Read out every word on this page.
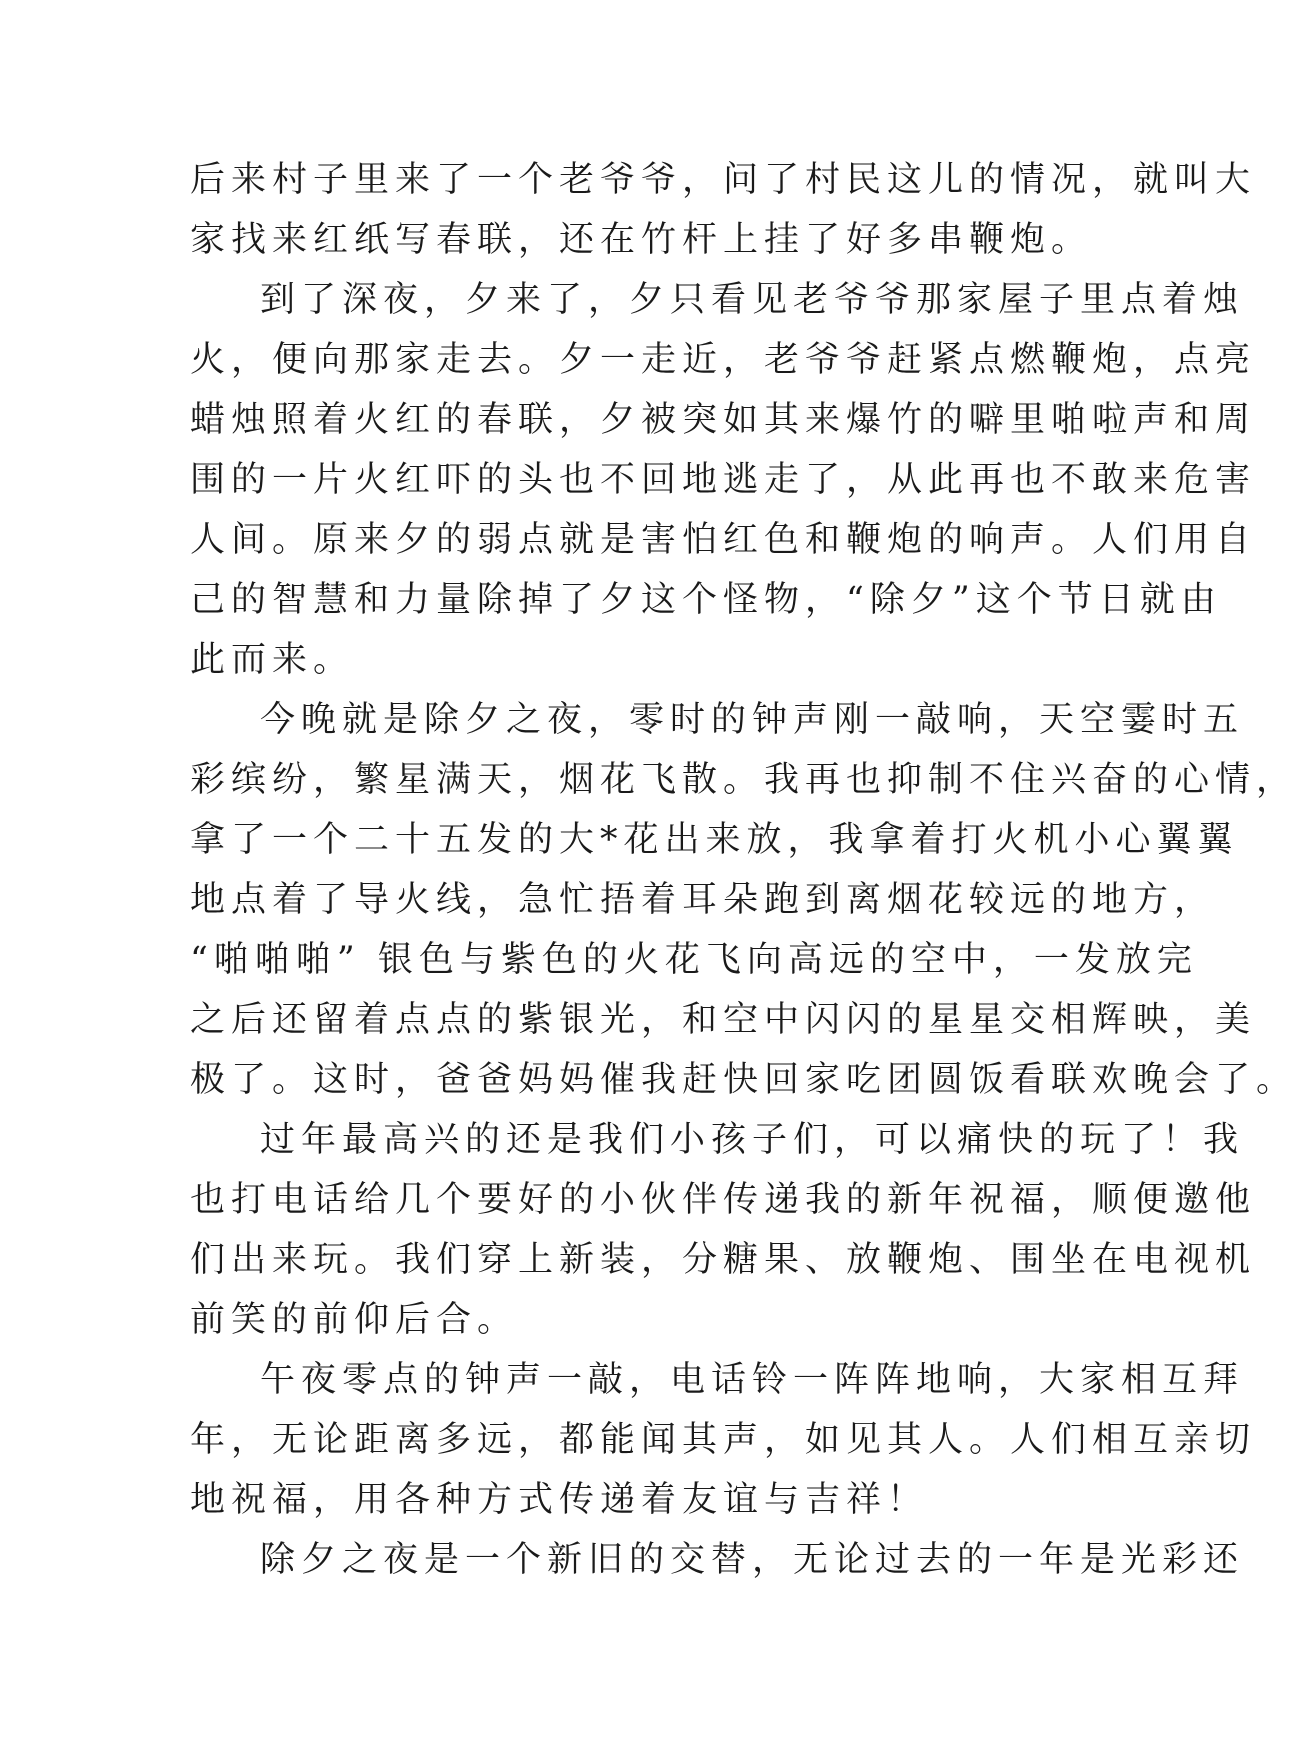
后来村子里来了一个老爷爷，问了村民这儿的情况，就叫大
家找来红纸写春联，还在竹杆上挂了好多串鞭炮。
到了深夜，夕来了，夕只看见老爷爷那家屋子里点着烛
火，便向那家走去。夕一走近，老爷爷赶紧点燃鞭炮，点亮
蜡烛照着火红的春联，夕被突如其来爆竹的噼里啪啦声和周
围的一片火红吓的头也不回地逃走了，从此再也不敢来危害
人间。原来夕的弱点就是害怕红色和鞭炮的响声。人们用自
己的智慧和力量除掉了夕这个怪物，“除夕”这个节日就由
此而来。
今晚就是除夕之夜，零时的钟声刚一敲响，天空霎时五
彩缤纷，繁星满天，烟花飞散。我再也抑制不住兴奋的心情，
拿了一个二十五发的大*花出来放，我拿着打火机小心翼翼
地点着了导火线，急忙捂着耳朵跑到离烟花较远的地方，
“啪啪啪” 银色与紫色的火花飞向高远的空中，一发放完
之后还留着点点的紫银光，和空中闪闪的星星交相辉映，美
极了。这时，爸爸妈妈催我赶快回家吃团圆饭看联欢晚会了。
过年最高兴的还是我们小孩子们，可以痛快的玩了！我
也打电话给几个要好的小伙伴传递我的新年祝福，顺便邀他
们出来玩。我们穿上新装，分糖果、放鞭炮、围坐在电视机
前笑的前仰后合。
午夜零点的钟声一敲，电话铃一阵阵地响，大家相互拜
年，无论距离多远，都能闻其声，如见其人。人们相互亲切
地祝福，用各种方式传递着友谊与吉祥！
除夕之夜是一个新旧的交替，无论过去的一年是光彩还
